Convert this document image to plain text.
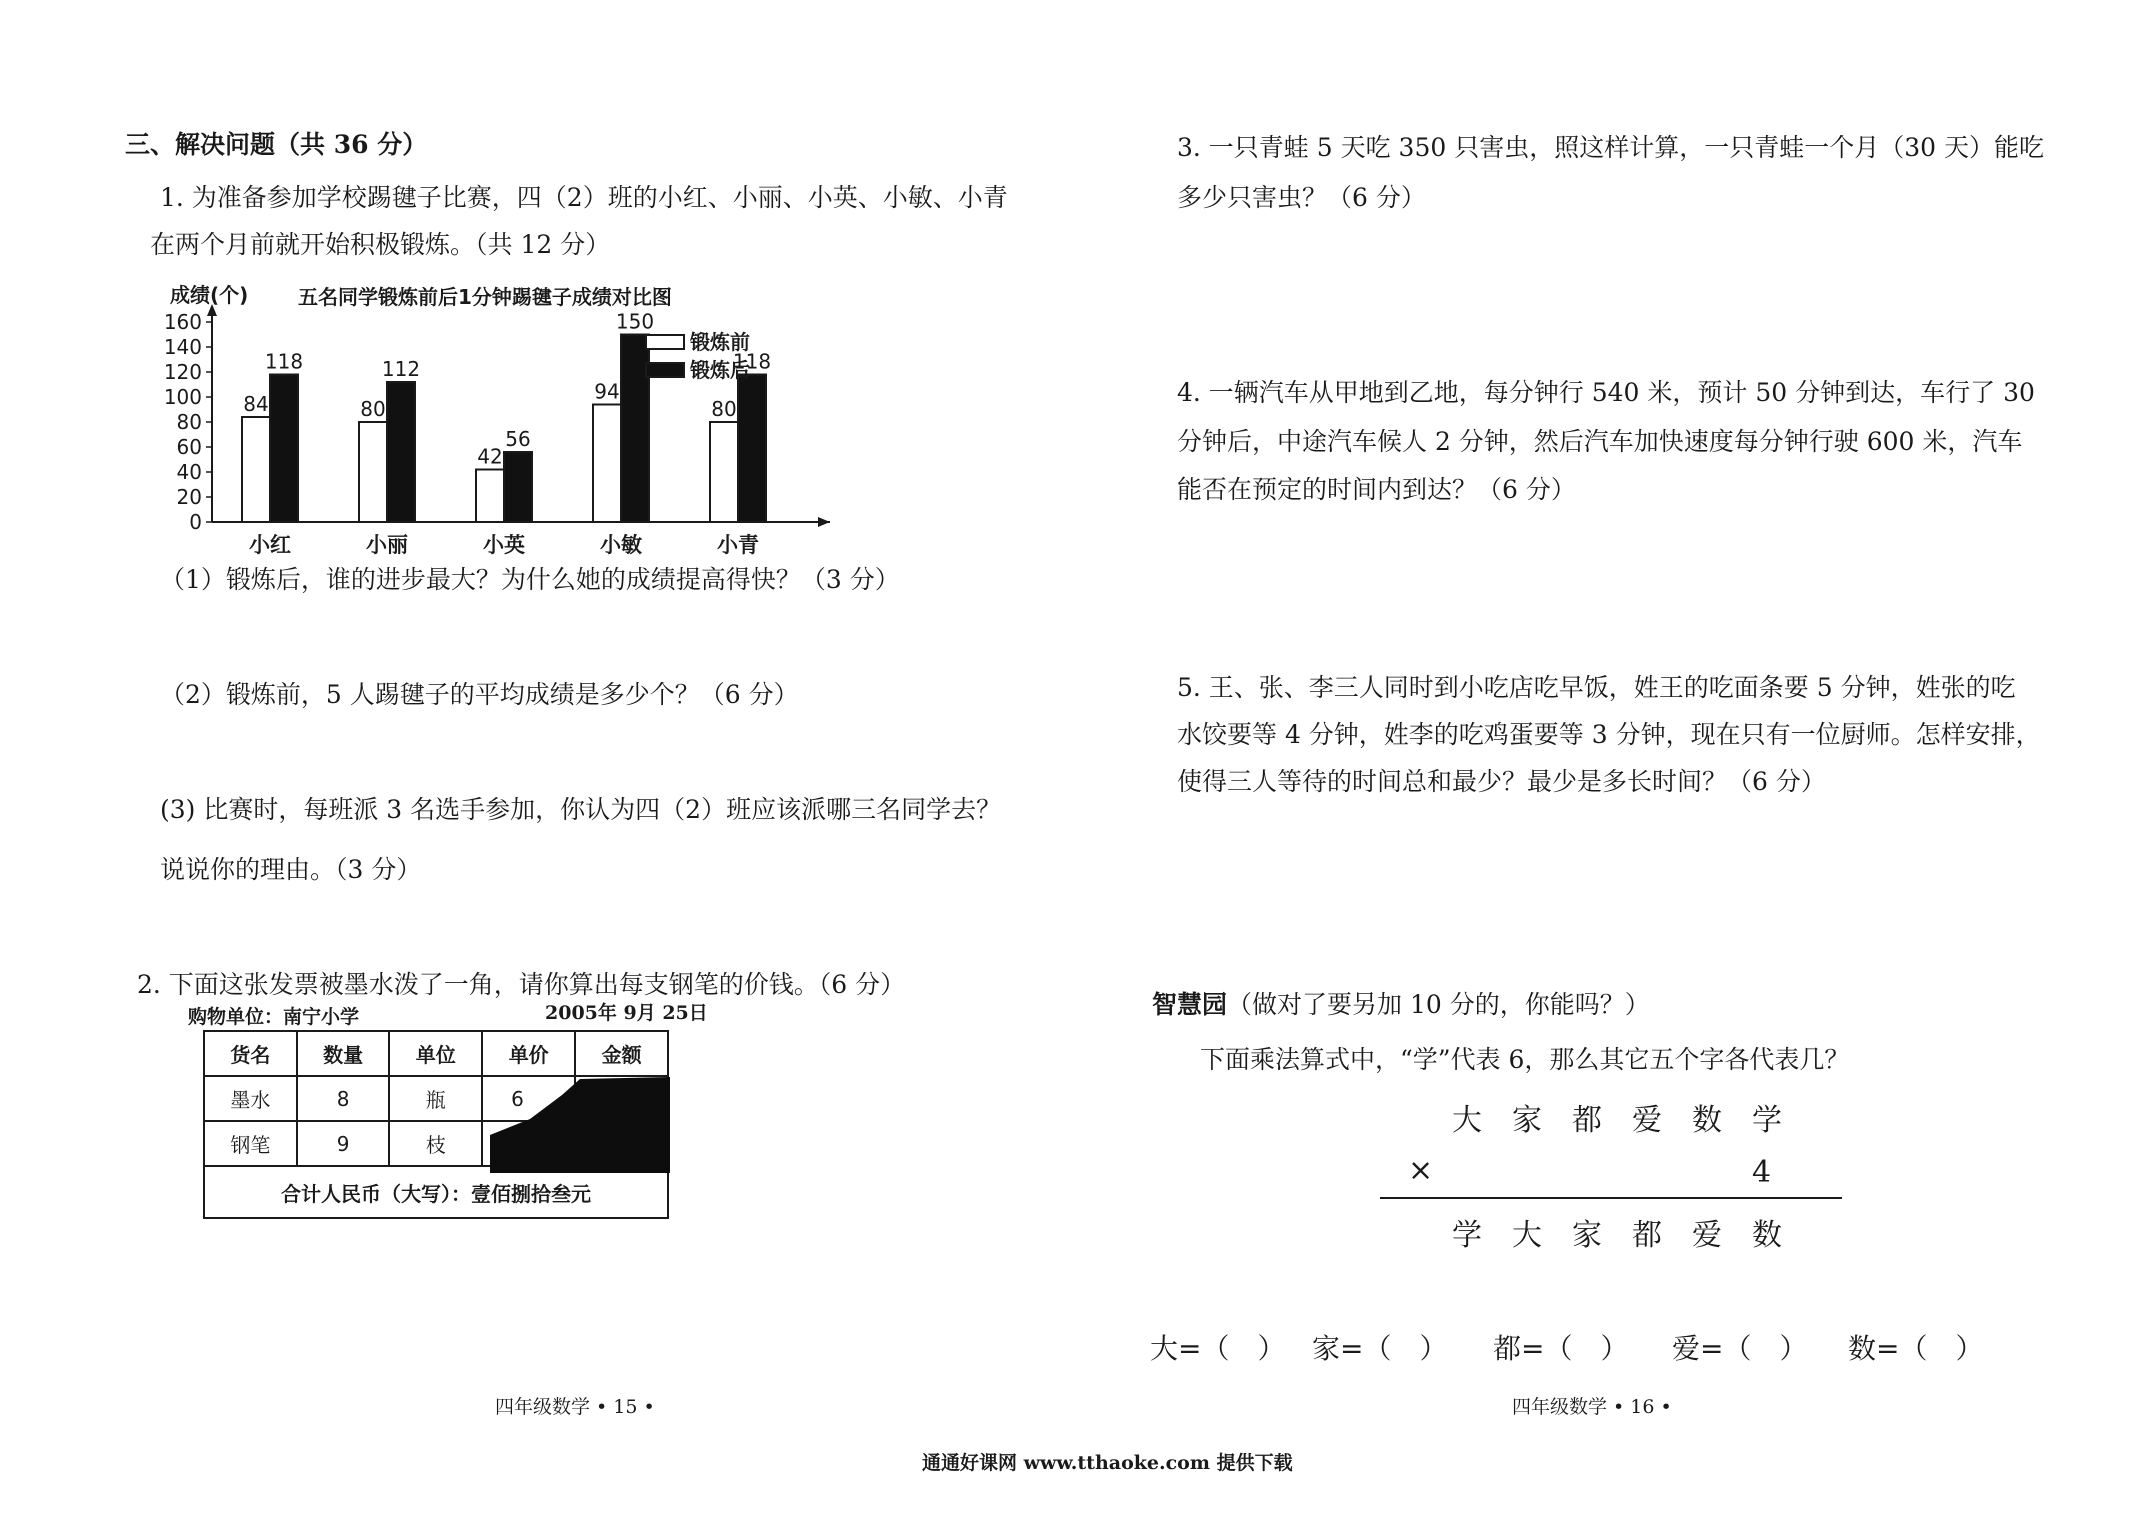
三、解决问题（共 36 分）
1. 为准备参加学校踢毽子比赛，四（2）班的小红、小丽、小英、小敏、小青
在两个月前就开始积极锻炼。（共 12 分）
0
20
40
60
80
100
120
140
160
成绩(个) 五名同学锻炼前后1分钟踢毽子成绩对比图
84
118
小红
80
112
小丽
42
56
小英
94
150
小敏
80
118
小青
锻炼前
锻炼后
（1）锻炼后，谁的进步最大？为什么她的成绩提高得快？（3 分）
（2）锻炼前，5 人踢毽子的平均成绩是多少个？（6 分）
(3) 比赛时，每班派 3 名选手参加，你认为四（2）班应该派哪三名同学去？
说说你的理由。（3 分）
2. 下面这张发票被墨水泼了一角，请你算出每支钢笔的价钱。（6 分）
购物单位：南宁小学	2005年 9月 25日
货名	数量	单位	单价	金额
墨水	8	瓶	6	
钢笔	9	枝		
合计人民币（大写）：壹佰捌拾叁元				
四年级数学 • 15 •
3. 一只青蛙 5 天吃 350 只害虫，照这样计算，一只青蛙一个月（30 天）能吃
多少只害虫？（6 分）
4. 一辆汽车从甲地到乙地，每分钟行 540 米，预计 50 分钟到达，车行了 30
分钟后，中途汽车候人 2 分钟，然后汽车加快速度每分钟行驶 600 米，汽车
能否在预定的时间内到达？（6 分）
5. 王、张、李三人同时到小吃店吃早饭，姓王的吃面条要 5 分钟，姓张的吃
水饺要等 4 分钟，姓李的吃鸡蛋要等 3 分钟，现在只有一位厨师。怎样安排，
使得三人等待的时间总和最少？最少是多长时间？（6 分）
智慧园（做对了要另加 10 分的，你能吗？）
下面乘法算式中，“学”代表 6，那么其它五个字各代表几？
大 家 都 爱 数 学
×	4
学 大 家 都 爱 数
大=（　） 家=（　） 都=（　） 爱=（　） 数=（　）
四年级数学 • 16 •
通通好课网 www.tthaoke.com 提供下载
